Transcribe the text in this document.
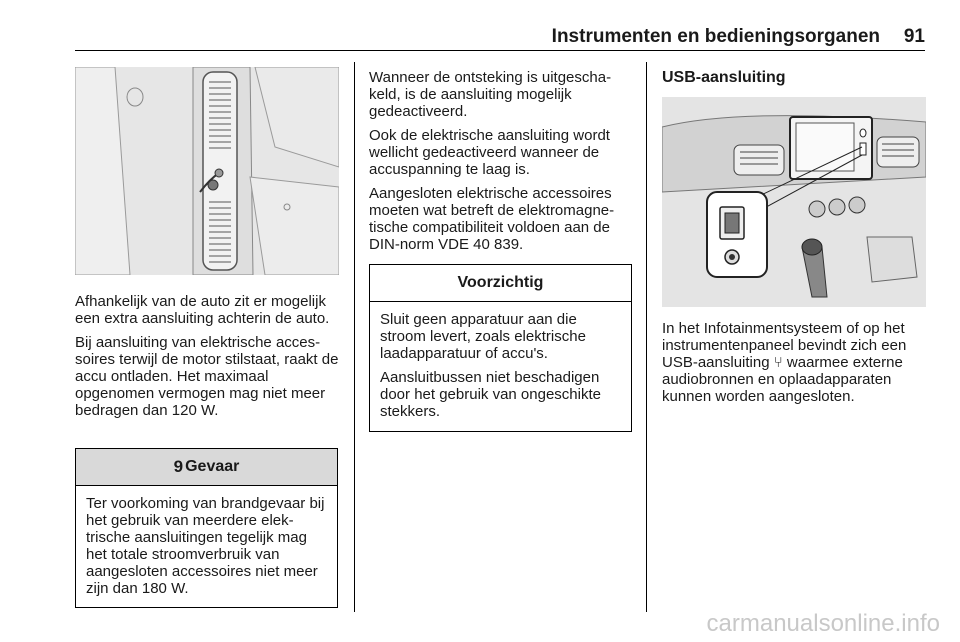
Instrumenten en bedieningsorganen 91

Afhankelijk van de auto zit er mogelijk een extra aansluiting achterin de auto.

Bij aansluiting van elektrische accessoires terwijl de motor stilstaat, raakt de accu ontladen. Het maximaal opgenomen vermogen mag niet meer bedragen dan 120 W.

9 Gevaar

Ter voorkoming van brandgevaar bij het gebruik van meerdere elektrische aansluitingen tegelijk mag het totale stroomverbruik van aangesloten accessoires niet meer zijn dan 180 W.

Wanneer de ontsteking is uitgeschakeld, is de aansluiting mogelijk gedeactiveerd.

Ook de elektrische aansluiting wordt wellicht gedeactiveerd wanneer de accuspanning te laag is.

Aangesloten elektrische accessoires moeten wat betreft de elektromagnetische compatibiliteit voldoen aan de DIN-norm VDE 40 839.

Voorzichtig

Sluit geen apparatuur aan die stroom levert, zoals elektrische laadapparatuur of accu's.

Aansluitbussen niet beschadigen door het gebruik van ongeschikte stekkers.

USB-aansluiting

In het Infotainmentsysteem of op het instrumentenpaneel bevindt zich een USB-aansluiting ⑂ waarmee externe audiobronnen en oplaadapparaten kunnen worden aangesloten.

carmanualsonline.info
